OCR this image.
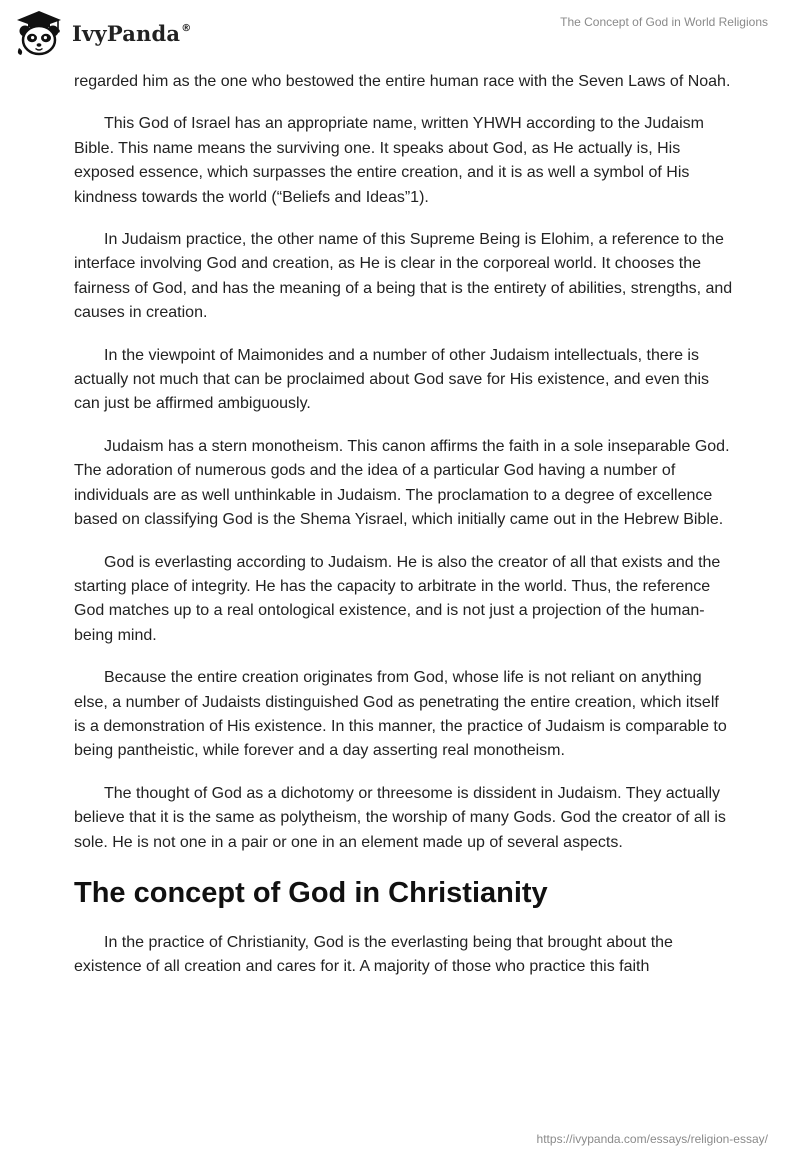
IvyPanda®	The Concept of God in World Religions

regarded him as the one who bestowed the entire human race with the Seven Laws of Noah.

This God of Israel has an appropriate name, written YHWH according to the Judaism Bible. This name means the surviving one. It speaks about God, as He actually is, His exposed essence, which surpasses the entire creation, and it is as well a symbol of His kindness towards the world (“Beliefs and Ideas”1).

In Judaism practice, the other name of this Supreme Being is Elohim, a reference to the interface involving God and creation, as He is clear in the corporeal world. It chooses the fairness of God, and has the meaning of a being that is the entirety of abilities, strengths, and causes in creation.

In the viewpoint of Maimonides and a number of other Judaism intellectuals, there is actually not much that can be proclaimed about God save for His existence, and even this can just be affirmed ambiguously.

Judaism has a stern monotheism. This canon affirms the faith in a sole inseparable God. The adoration of numerous gods and the idea of a particular God having a number of individuals are as well unthinkable in Judaism. The proclamation to a degree of excellence based on classifying God is the Shema Yisrael, which initially came out in the Hebrew Bible.

God is everlasting according to Judaism. He is also the creator of all that exists and the starting place of integrity. He has the capacity to arbitrate in the world. Thus, the reference God matches up to a real ontological existence, and is not just a projection of the human-being mind.

Because the entire creation originates from God, whose life is not reliant on anything else, a number of Judaists distinguished God as penetrating the entire creation, which itself is a demonstration of His existence. In this manner, the practice of Judaism is comparable to being pantheistic, while forever and a day asserting real monotheism.

The thought of God as a dichotomy or threesome is dissident in Judaism. They actually believe that it is the same as polytheism, the worship of many Gods. God the creator of all is sole. He is not one in a pair or one in an element made up of several aspects.

The concept of God in Christianity

In the practice of Christianity, God is the everlasting being that brought about the existence of all creation and cares for it. A majority of those who practice this faith

https://ivypanda.com/essays/religion-essay/
